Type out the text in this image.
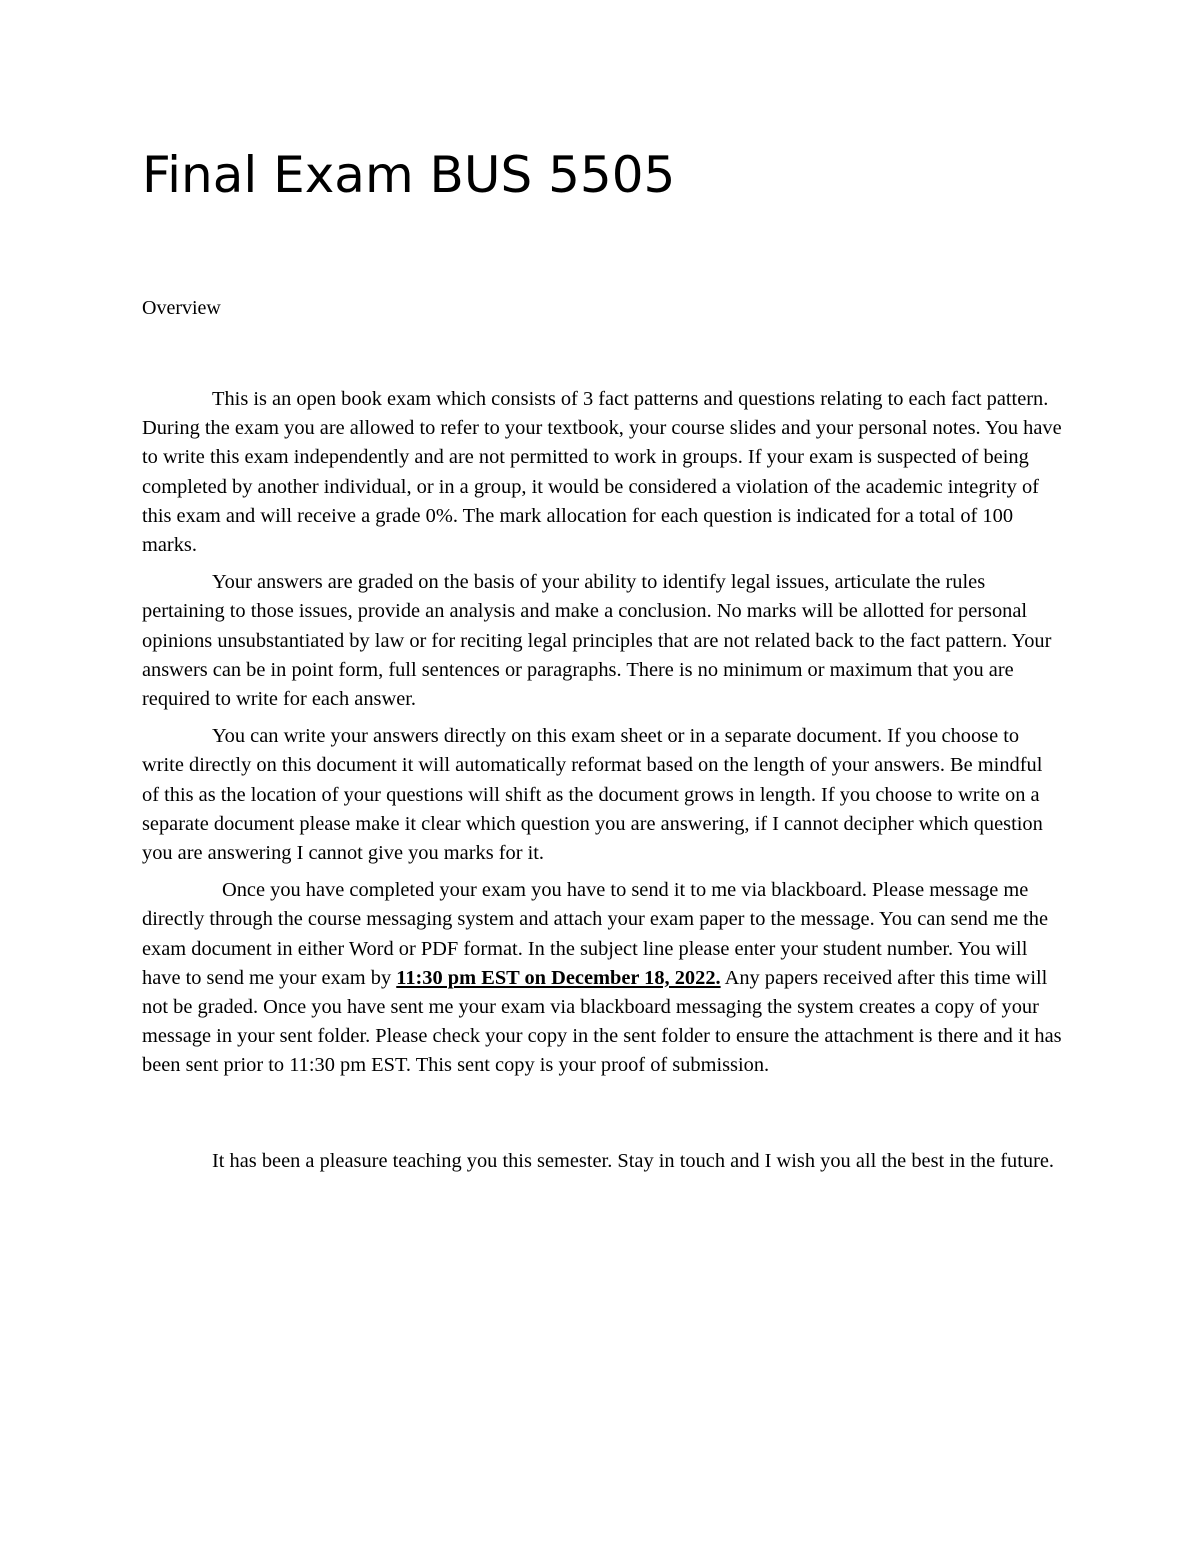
Final Exam BUS 5505

Overview

This is an open book exam which consists of 3 fact patterns and questions relating to each fact pattern. During the exam you are allowed to refer to your textbook, your course slides and your personal notes. You have to write this exam independently and are not permitted to work in groups. If your exam is suspected of being completed by another individual, or in a group, it would be considered a violation of the academic integrity of this exam and will receive a grade 0%. The mark allocation for each question is indicated for a total of 100 marks.

Your answers are graded on the basis of your ability to identify legal issues, articulate the rules pertaining to those issues, provide an analysis and make a conclusion. No marks will be allotted for personal opinions unsubstantiated by law or for reciting legal principles that are not related back to the fact pattern. Your answers can be in point form, full sentences or paragraphs. There is no minimum or maximum that you are required to write for each answer.

You can write your answers directly on this exam sheet or in a separate document. If you choose to write directly on this document it will automatically reformat based on the length of your answers. Be mindful of this as the location of your questions will shift as the document grows in length. If you choose to write on a separate document please make it clear which question you are answering, if I cannot decipher which question you are answering I cannot give you marks for it.

Once you have completed your exam you have to send it to me via blackboard. Please message me directly through the course messaging system and attach your exam paper to the message. You can send me the exam document in either Word or PDF format. In the subject line please enter your student number. You will have to send me your exam by 11:30 pm EST on December 18, 2022. Any papers received after this time will not be graded. Once you have sent me your exam via blackboard messaging the system creates a copy of your message in your sent folder. Please check your copy in the sent folder to ensure the attachment is there and it has been sent prior to 11:30 pm EST. This sent copy is your proof of submission.

It has been a pleasure teaching you this semester. Stay in touch and I wish you all the best in the future.
